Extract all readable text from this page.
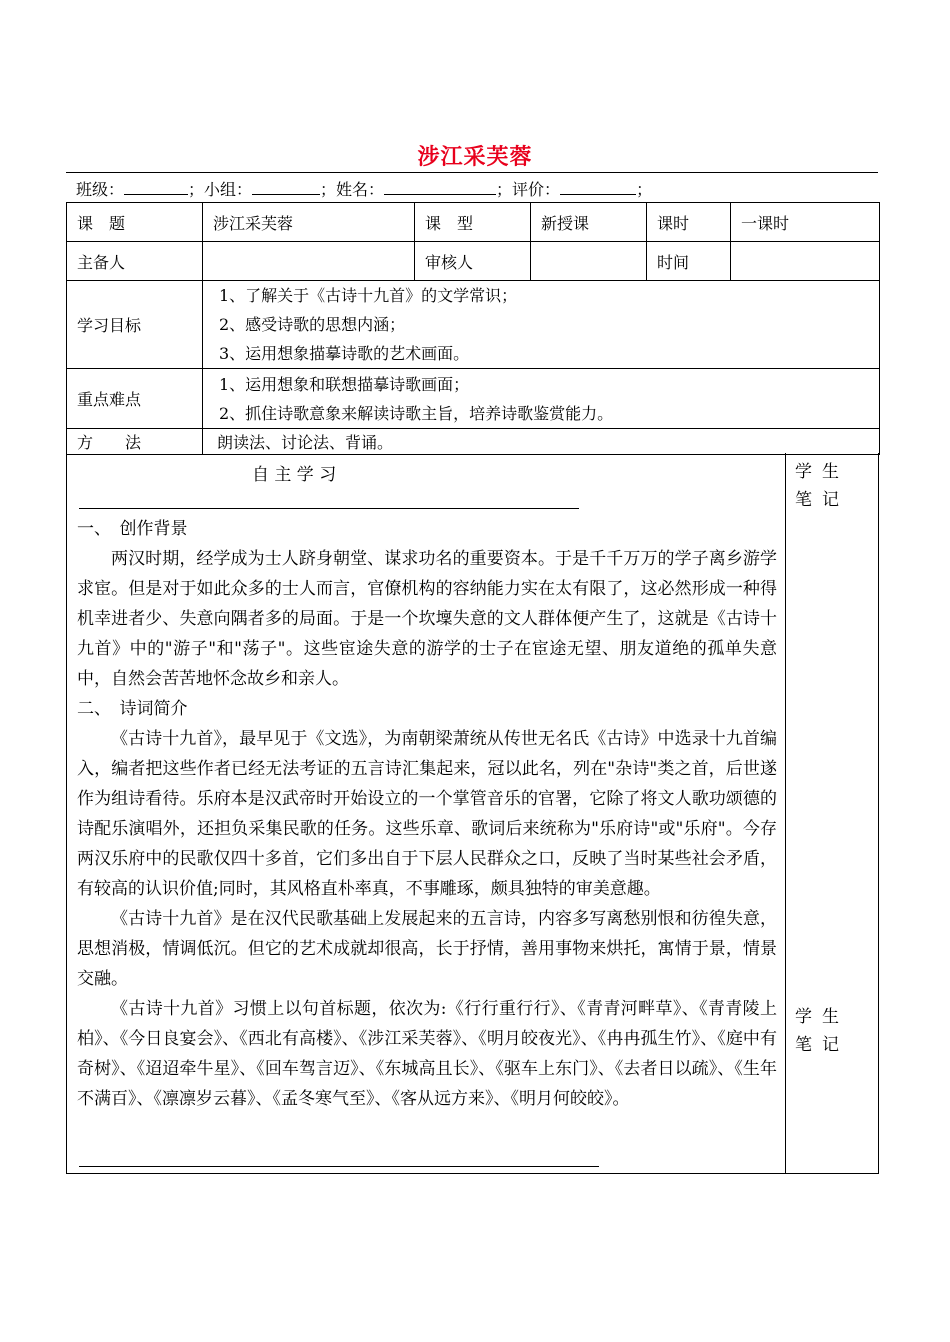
涉江采芙蓉
班级：	；小组：	；姓名：	；评价：	；
课　题	涉江采芙蓉	课　型	新授课	课时	一课时
主备人		审核人		时间	
学习目标	1、了解关于《古诗十九首》的文学常识；
2、感受诗歌的思想内涵；
3、运用想象描摹诗歌的艺术画面。				

重点难点	1、运用想象和联想描摹诗歌画面；
2、抓住诗歌意象来解读诗歌主旨，培养诗歌鉴赏能力。				

方　　法	朗读法、讨论法、背诵。				
自 主 学 习	学生笔记
学生笔记

一、　创作背景

两汉时期，经学成为士人跻身朝堂、谋求功名的重要资本。于是千千万万的学子离乡游学求宦。但是对于如此众多的士人而言，官僚机构的容纳能力实在太有限了，这必然形成一种得机幸进者少、失意向隅者多的局面。于是一个坎壈失意的文人群体便产生了，这就是《古诗十九首》中的"游子"和"荡子"。这些宦途失意的游学的士子在宦途无望、朋友道绝的孤单失意中，自然会苦苦地怀念故乡和亲人。

二、　诗词简介

《古诗十九首》，最早见于《文选》，为南朝梁萧统从传世无名氏《古诗》中选录十九首编入，编者把这些作者已经无法考证的五言诗汇集起来，冠以此名，列在"杂诗"类之首，后世遂作为组诗看待。乐府本是汉武帝时开始设立的一个掌管音乐的官署，它除了将文人歌功颂德的诗配乐演唱外，还担负采集民歌的任务。这些乐章、歌词后来统称为"乐府诗"或"乐府"。今存两汉乐府中的民歌仅四十多首，它们多出自于下层人民群众之口，反映了当时某些社会矛盾，有较高的认识价值;同时，其风格直朴率真，不事雕琢，颇具独特的审美意趣。

《古诗十九首》是在汉代民歌基础上发展起来的五言诗，内容多写离愁别恨和彷徨失意，思想消极，情调低沉。但它的艺术成就却很高，长于抒情，善用事物来烘托，寓情于景，情景交融。

《古诗十九首》习惯上以句首标题，依次为:《行行重行行》、《青青河畔草》、《青青陵上柏》、《今日良宴会》、《西北有高楼》、《涉江采芙蓉》、《明月皎夜光》、《冉冉孤生竹》、《庭中有奇树》、《迢迢牵牛星》、《回车驾言迈》、《东城高且长》、《驱车上东门》、《去者日以疏》、《生年不满百》、《凛凛岁云暮》、《孟冬寒气至》、《客从远方来》、《明月何皎皎》。
